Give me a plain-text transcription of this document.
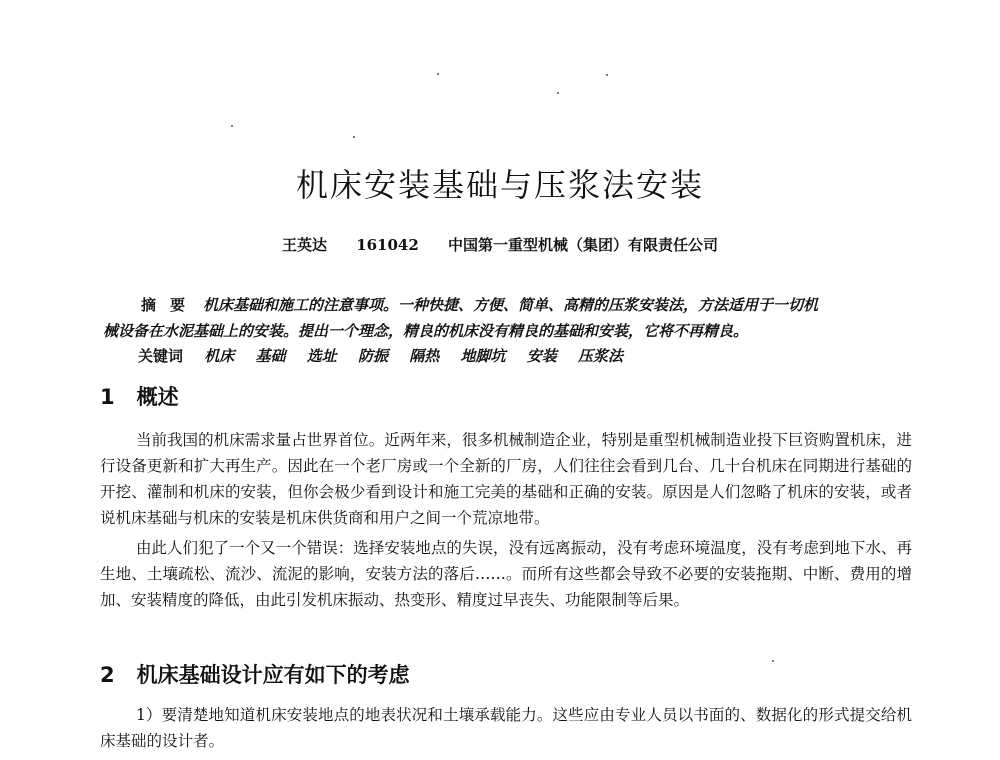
机床安装基础与压浆法安装
王英达 161042 中国第一重型机械（集团）有限责任公司
摘要 机床基础和施工的注意事项。一种快捷、方便、简单、高精的压浆安装法，方法适用于一切机
械设备在水泥基础上的安装。提出一个理念，精良的机床没有精良的基础和安装，它将不再精良。
关键词 机床 基础 选址 防振 隔热 地脚坑 安装 压浆法
1 概述

当前我国的机床需求量占世界首位。近两年来，很多机械制造企业，特别是重型机械制造业投下巨资购置机床，进行设备更新和扩大再生产。因此在一个老厂房或一个全新的厂房，人们往往会看到几台、几十台机床在同期进行基础的开挖、灌制和机床的安装，但你会极少看到设计和施工完美的基础和正确的安装。原因是人们忽略了机床的安装，或者说机床基础与机床的安装是机床供货商和用户之间一个荒凉地带。

由此人们犯了一个又一个错误：选择安装地点的失误，没有远离振动，没有考虑环境温度，没有考虑到地下水、再生地、土壤疏松、流沙、流泥的影响，安装方法的落后……。而所有这些都会导致不必要的安装拖期、中断、费用的增加、安装精度的降低，由此引发机床振动、热变形、精度过早丧失、功能限制等后果。

2 机床基础设计应有如下的考虑

1）要清楚地知道机床安装地点的地表状况和土壤承载能力。这些应由专业人员以书面的、数据化的形式提交给机床基础的设计者。
